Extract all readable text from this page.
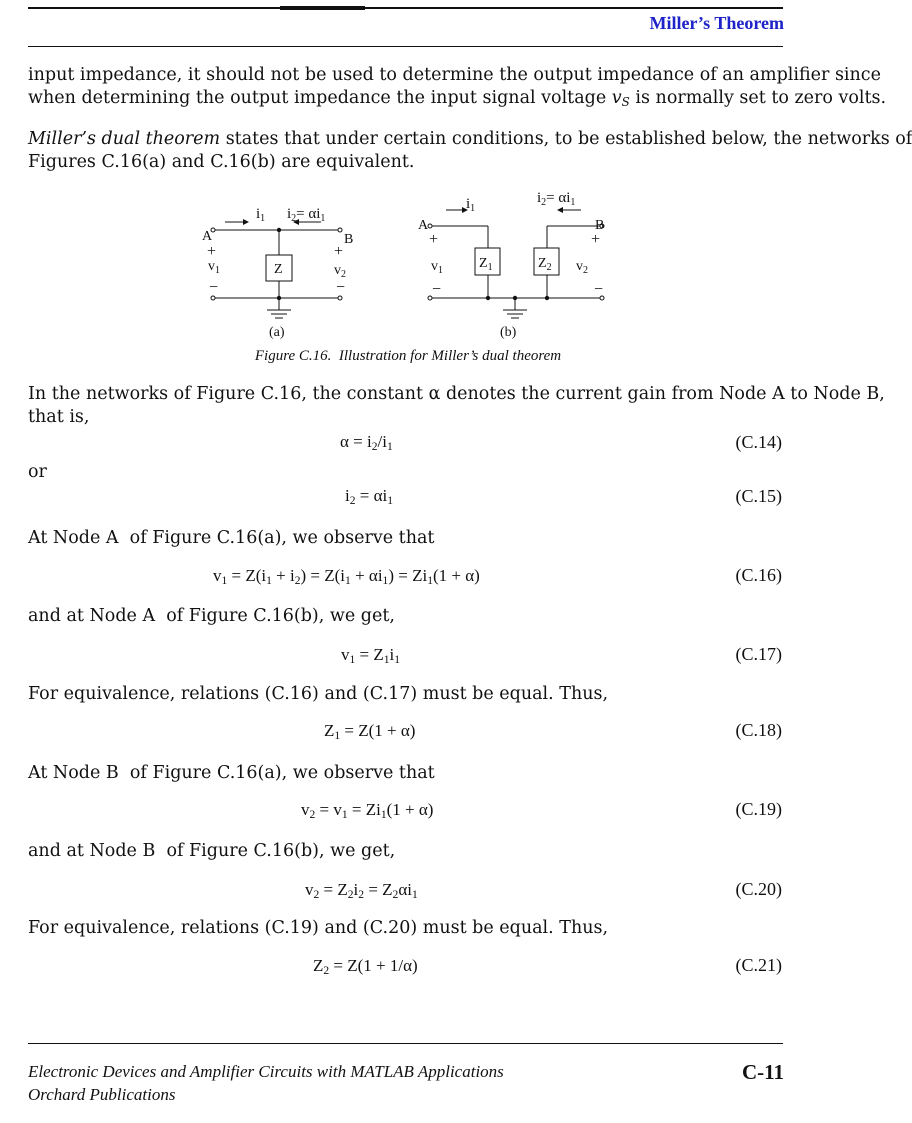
Miller’s Theorem
input impedance, it should not be used to determine the output impedance of an amplifier since
when determining the output impedance the input signal voltage $v_S$ is normally set to zero volts.
Miller’s dual theorem states that under certain conditions, to be established below, the networks of
Figures C.16(a) and C.16(b) are equivalent.
A	B
$i_1$ $i_2= \alpha i_1$
+
$v_1$
−
+
$v_2$
−
Z
(a)
A	B
$i_1$
$i_2= \alpha i_1$
+
$v_1$
−
+
$v_2$
−
$Z_1$	$Z_2$
(b)
Figure C.16.  Illustration for Miller’s dual theorem
In the networks of Figure C.16, the constant α denotes the current gain from Node A to Node B,
that is,
$\alpha = i_2/i_1$	(C.14)
or
$i_2 = \alpha i_1$	(C.15)
At Node A  of Figure C.16(a), we observe that
$v_1 = Z(i_1 + i_2) = Z(i_1 + \alpha i_1) = Zi_1(1 + \alpha)$	(C.16)
and at Node A  of Figure C.16(b), we get,
$v_1 = Z_1i_1$	(C.17)
For equivalence, relations (C.16) and (C.17) must be equal. Thus,
$Z_1 = Z(1 + \alpha)$	(C.18)
At Node B  of Figure C.16(a), we observe that
$v_2 = v_1 = Zi_1(1 + \alpha)$	(C.19)
and at Node B  of Figure C.16(b), we get,
$v_2 = Z_2i_2 = Z_2\alpha i_1$	(C.20)
For equivalence, relations (C.19) and (C.20) must be equal. Thus,
$Z_2 = Z(1 + 1/\alpha)$	(C.21)
Electronic Devices and Amplifier Circuits with MATLAB Applications
Orchard Publications
C-11
